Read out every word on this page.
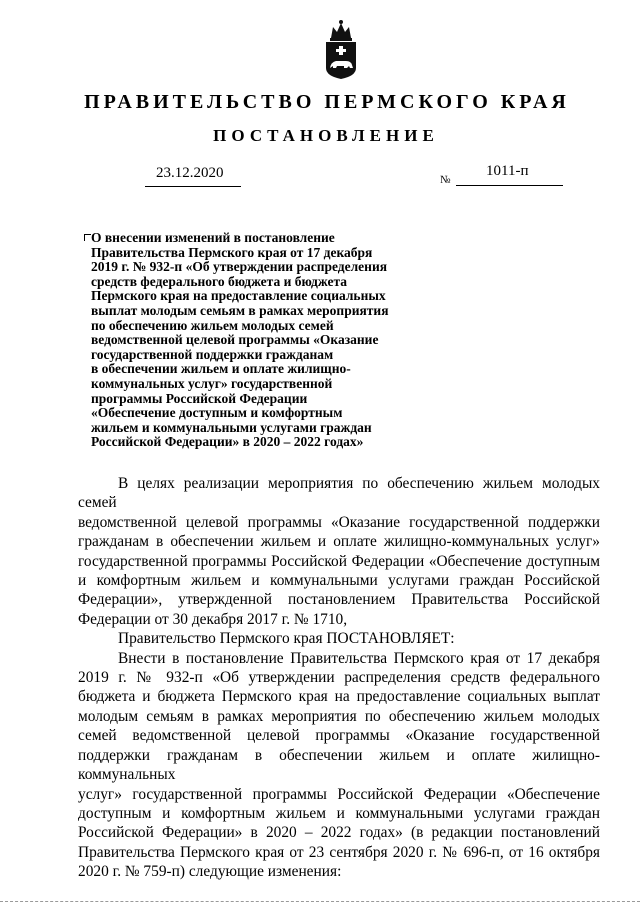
ПРАВИТЕЛЬСТВО ПЕРМСКОГО КРАЯ
ПОСТАНОВЛЕНИЕ
23.12.2020	№
1011-п
О внесении изменений в постановление
Правительства Пермского края от 17 декабря
2019 г. № 932-п «Об утверждении распределения
средств федерального бюджета и бюджета
Пермского края на предоставление социальных
выплат молодым семьям в рамках мероприятия
по обеспечению жильем молодых семей
ведомственной целевой программы «Оказание
государственной поддержки гражданам
в обеспечении жильем и оплате жилищно-
коммунальных услуг» государственной
программы Российской Федерации
«Обеспечение доступным и комфортным
жильем и коммунальными услугами граждан
Российской Федерации» в 2020 – 2022 годах»
В целях реализации мероприятия по обеспечению жильем молодых семей
ведомственной целевой программы «Оказание государственной поддержки
гражданам в обеспечении жильем и оплате жилищно-коммунальных услуг»
государственной программы Российской Федерации «Обеспечение доступным
и комфортным жильем и коммунальными услугами граждан Российской
Федерации», утвержденной постановлением Правительства Российской
Федерации от 30 декабря 2017 г. № 1710,
Правительство Пермского края ПОСТАНОВЛЯЕТ:
Внести в постановление Правительства Пермского края от 17 декабря
2019 г. № 932-п «Об утверждении распределения средств федерального
бюджета и бюджета Пермского края на предоставление социальных выплат
молодым семьям в рамках мероприятия по обеспечению жильем молодых
семей ведомственной целевой программы «Оказание государственной
поддержки гражданам в обеспечении жильем и оплате жилищно-коммунальных
услуг» государственной программы Российской Федерации «Обеспечение
доступным и комфортным жильем и коммунальными услугами граждан
Российской Федерации» в 2020 – 2022 годах» (в редакции постановлений
Правительства Пермского края от 23 сентября 2020 г. № 696-п, от 16 октября
2020 г. № 759-п) следующие изменения:
